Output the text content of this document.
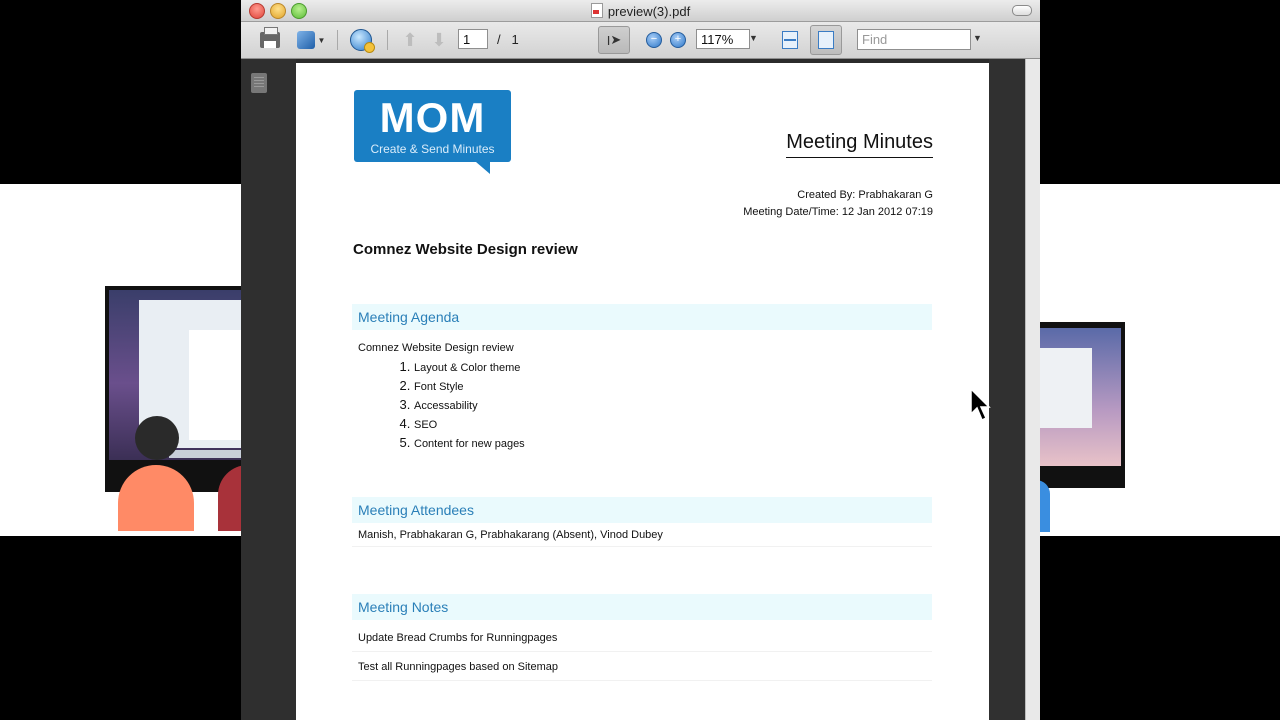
preview(3).pdf
▼	⬆ ⬇	1	/ 1	I ➤	−	+	117%	▼	Find	▼
MOM
Create & Send Minutes	Meeting Minutes
Created By: Prabhakaran G
Meeting Date/Time: 12 Jan 2012 07:19
Comnez Website Design review
Meeting Agenda
Comnez Website Design review
1. Layout & Color theme
2. Font Style
3. Accessability
4. SEO
5. Content for new pages
Meeting Attendees
Manish, Prabhakaran G, Prabhakarang (Absent), Vinod Dubey
Meeting Notes
Update Bread Crumbs for Runningpages
Test all Runningpages based on Sitemap
